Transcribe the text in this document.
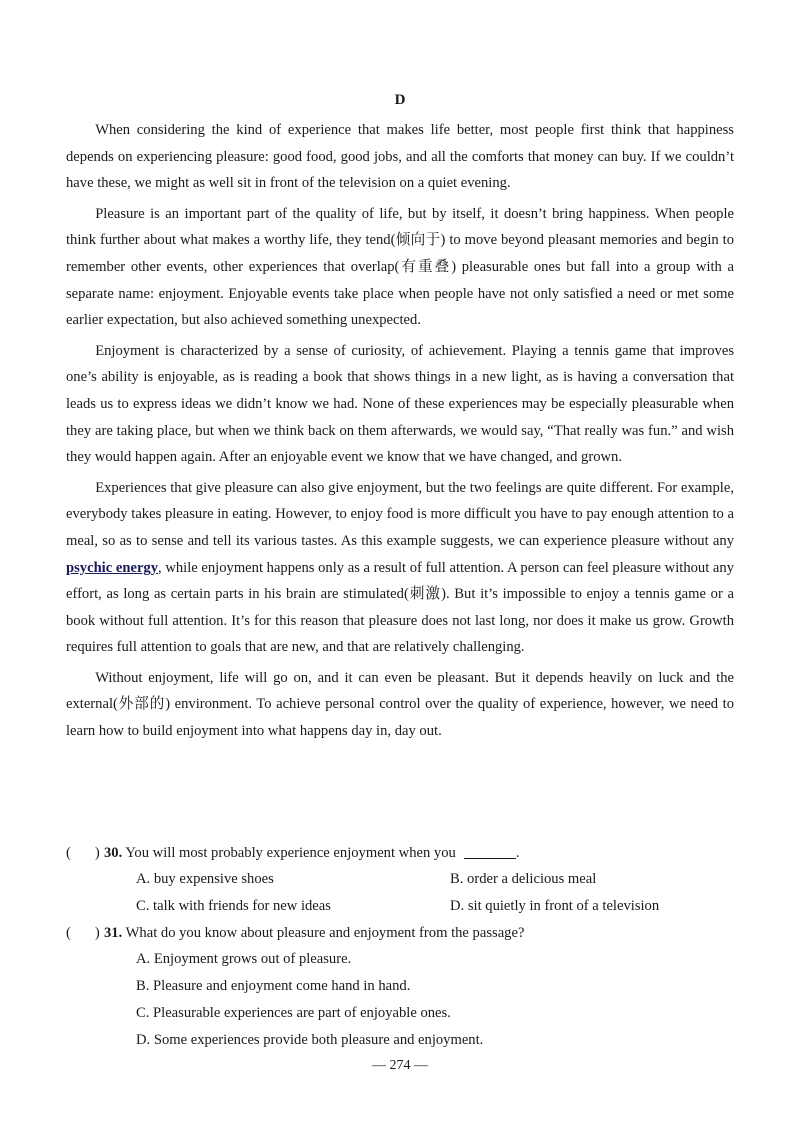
D

When considering the kind of experience that makes life better, most people first think that happiness depends on experiencing pleasure: good food, good jobs, and all the comforts that money can buy. If we couldn’t have these, we might as well sit in front of the television on a quiet evening.

Pleasure is an important part of the quality of life, but by itself, it doesn’t bring happiness. When people think further about what makes a worthy life, they tend(倾向于) to move beyond pleasant memories and begin to remember other events, other experiences that overlap(有重叠) pleasurable ones but fall into a group with a separate name: enjoyment. Enjoyable events take place when people have not only satisfied a need or met some earlier expectation, but also achieved something unexpected.

Enjoyment is characterized by a sense of curiosity, of achievement. Playing a tennis game that improves one’s ability is enjoyable, as is reading a book that shows things in a new light, as is having a conversation that leads us to express ideas we didn’t know we had. None of these experiences may be especially pleasurable when they are taking place, but when we think back on them afterwards, we would say, “That really was fun.” and wish they would happen again. After an enjoyable event we know that we have changed, and grown.

Experiences that give pleasure can also give enjoyment, but the two feelings are quite different. For example, everybody takes pleasure in eating. However, to enjoy food is more difficult you have to pay enough attention to a meal, so as to sense and tell its various tastes. As this example suggests, we can experience pleasure without any psychic energy, while enjoyment happens only as a result of full attention. A person can feel pleasure without any effort, as long as certain parts in his brain are stimulated(刺激). But it’s impossible to enjoy a tennis game or a book without full attention. It’s for this reason that pleasure does not last long, nor does it make us grow. Growth requires full attention to goals that are new, and that are relatively challenging.

Without enjoyment, life will go on, and it can even be pleasant. But it depends heavily on luck and the external(外部的) environment. To achieve personal control over the quality of experience, however, we need to learn how to build enjoyment into what happens day in, day out.

( ) 30. You will most probably experience enjoyment when you	.
A. buy expensive shoes	B. order a delicious meal
C. talk with friends for new ideas	D. sit quietly in front of a television
( ) 31. What do you know about pleasure and enjoyment from the passage?
A. Enjoyment grows out of pleasure.
B. Pleasure and enjoyment come hand in hand.
C. Pleasurable experiences are part of enjoyable ones.
D. Some experiences provide both pleasure and enjoyment.
— 274 —
